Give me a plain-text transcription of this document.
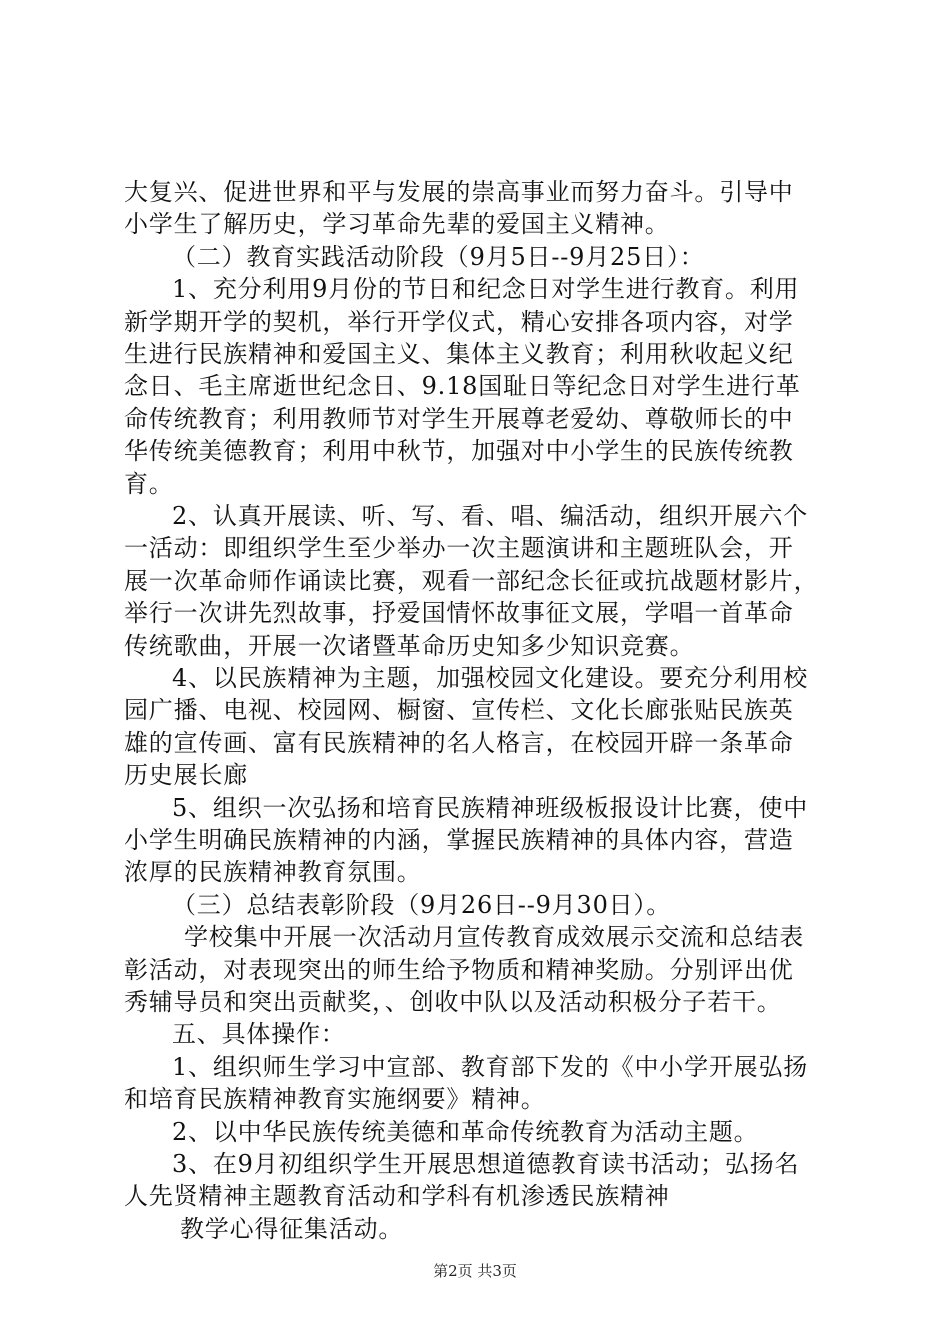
大复兴、促进世界和平与发展的崇高事业而努力奋斗。引导中
小学生了解历史，学习革命先辈的爱国主义精神。
（二）教育实践活动阶段（9月5日--9月25日）：
1、充分利用9月份的节日和纪念日对学生进行教育。利用
新学期开学的契机，举行开学仪式，精心安排各项内容，对学
生进行民族精神和爱国主义、集体主义教育；利用秋收起义纪
念日、毛主席逝世纪念日、9.18国耻日等纪念日对学生进行革
命传统教育；利用教师节对学生开展尊老爱幼、尊敬师长的中
华传统美德教育；利用中秋节，加强对中小学生的民族传统教
育。
2、认真开展读、听、写、看、唱、编活动，组织开展六个
一活动：即组织学生至少举办一次主题演讲和主题班队会，开
展一次革命师作诵读比赛，观看一部纪念长征或抗战题材影片，
举行一次讲先烈故事，抒爱国情怀故事征文展，学唱一首革命
传统歌曲，开展一次诸暨革命历史知多少知识竞赛。
4、以民族精神为主题，加强校园文化建设。要充分利用校
园广播、电视、校园网、橱窗、宣传栏、文化长廊张贴民族英
雄的宣传画、富有民族精神的名人格言，在校园开辟一条革命
历史展长廊
5、组织一次弘扬和培育民族精神班级板报设计比赛，使中
小学生明确民族精神的内涵，掌握民族精神的具体内容，营造
浓厚的民族精神教育氛围。
（三）总结表彰阶段（9月26日--9月30日）。
学校集中开展一次活动月宣传教育成效展示交流和总结表
彰活动，对表现突出的师生给予物质和精神奖励。分别评出优
秀辅导员和突出贡献奖，、创收中队以及活动积极分子若干。
五、具体操作：
1、组织师生学习中宣部、教育部下发的《中小学开展弘扬
和培育民族精神教育实施纲要》精神。
2、以中华民族传统美德和革命传统教育为活动主题。
3、在9月初组织学生开展思想道德教育读书活动；弘扬名
人先贤精神主题教育活动和学科有机渗透民族精神
教学心得征集活动。
第2页 共3页
